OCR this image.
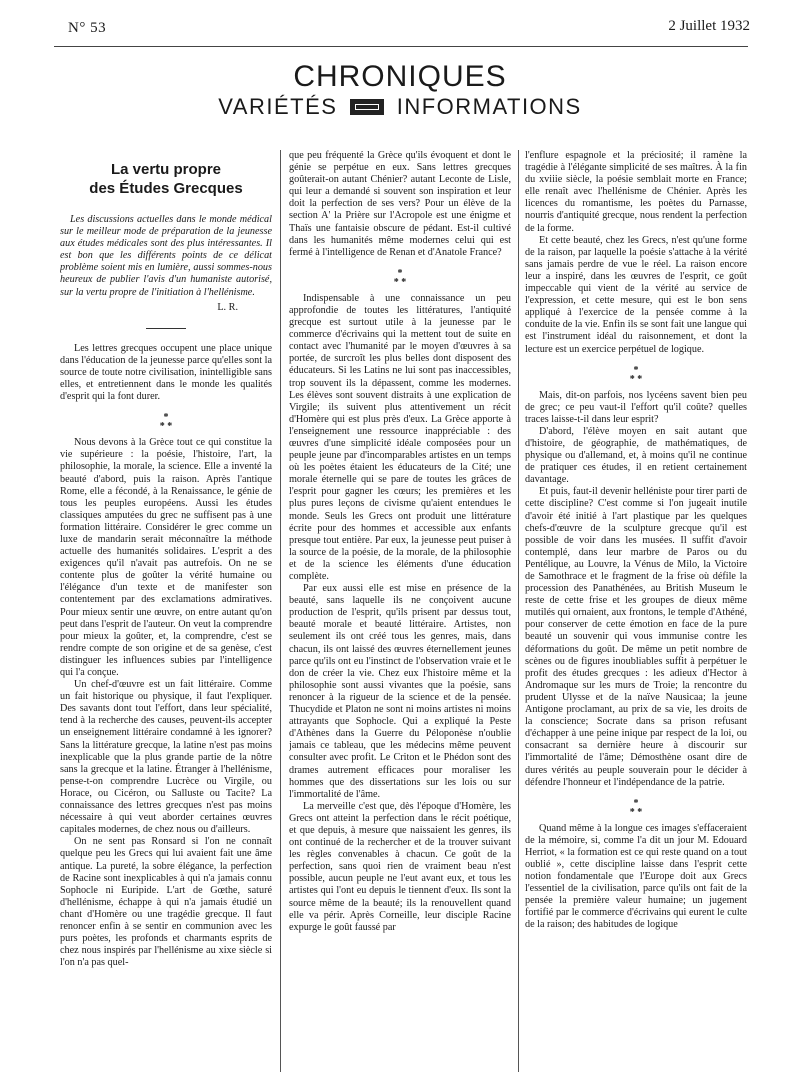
N° 53	2 Juillet 1932
CHRONIQUES
VARIÉTÉS	INFORMATIONS
La vertu propre
des Études Grecques

Les discussions actuelles dans le monde médical sur le meilleur mode de préparation de la jeunesse aux études médicales sont des plus intéressantes. Il est bon que les différents points de ce délicat problème soient mis en lumière, aussi sommes-nous heureux de publier l'avis d'un humaniste autorisé, sur la vertu propre de l'initiation à l'hellénisme.

L. R.

Les lettres grecques occupent une place unique dans l'éducation de la jeunesse parce qu'elles sont la source de toute notre civilisation, inintelligible sans elles, et entretiennent dans le monde les qualités d'esprit qui la font durer.

*
* *

Nous devons à la Grèce tout ce qui constitue la vie supérieure : la poésie, l'histoire, l'art, la philosophie, la morale, la science. Elle a inventé la beauté d'abord, puis la raison. Après l'antique Rome, elle a fécondé, à la Renaissance, le génie de tous les peuples européens. Aussi les études classiques amputées du grec ne suffisent pas à une formation littéraire. Considérer le grec comme un luxe de mandarin serait méconnaître la méthode actuelle des humanités solidaires. L'esprit a des exigences qu'il n'avait pas autrefois. On ne se contente plus de goûter la vérité humaine ou l'élégance d'un texte et de manifester son contentement par des exclamations admiratives. Pour mieux sentir une œuvre, on entre autant qu'on peut dans l'esprit de l'auteur. On veut la comprendre pour mieux la goûter, et, la comprendre, c'est se rendre compte de son origine et de sa genèse, c'est distinguer les influences subies par l'intelligence qui l'a conçue.

Un chef-d'œuvre est un fait littéraire. Comme un fait historique ou physique, il faut l'expliquer. Des savants dont tout l'effort, dans leur spécialité, tend à la recherche des causes, peuvent-ils accepter un enseignement littéraire condamné à les ignorer? Sans la littérature grecque, la latine n'est pas moins inexplicable que la plus grande partie de la nôtre sans la grecque et la latine. Étranger à l'hellénisme, pense-t-on comprendre Lucrèce ou Virgile, ou Horace, ou Cicéron, ou Salluste ou Tacite? La connaissance des lettres grecques n'est pas moins nécessaire à qui veut aborder certaines œuvres capitales modernes, de chez nous ou d'ailleurs.

On ne sent pas Ronsard si l'on ne connaît quelque peu les Grecs qui lui avaient fait une âme antique. La pureté, la sobre élégance, la perfection de Racine sont inexplicables à qui n'a jamais connu Sophocle ni Euripide. L'art de Gœthe, saturé d'hellénisme, échappe à qui n'a jamais étudié un chant d'Homère ou une tragédie grecque. Il faut renoncer enfin à se sentir en communion avec les purs poètes, les profonds et charmants esprits de chez nous inspirés par l'hellénisme au xixe siècle si l'on n'a pas quel-

que peu fréquenté la Grèce qu'ils évoquent et dont le génie se perpétue en eux. Sans lettres grecques goûterait-on autant Chénier? autant Leconte de Lisle, qui leur a demandé si souvent son inspiration et leur doit la perfection de ses vers? Pour un élève de la section A' la Prière sur l'Acropole est une énigme et Thaïs une fantaisie obscure de pédant. Est-il cultivé dans les humanités même modernes celui qui est fermé à l'intelligence de Renan et d'Anatole France?

*
* *

Indispensable à une connaissance un peu approfondie de toutes les littératures, l'antiquité grecque est surtout utile à la jeunesse par le commerce d'écrivains qui la mettent tout de suite en contact avec l'humanité par le moyen d'œuvres à sa portée, de surcroît les plus belles dont disposent des éducateurs. Si les Latins ne lui sont pas inaccessibles, trop souvent ils la dépassent, comme les modernes. Les élèves sont souvent distraits à une explication de Virgile; ils suivent plus attentivement un récit d'Homère qui est plus près d'eux. La Grèce apporte à l'enseignement une ressource inappréciable : des œuvres d'une simplicité idéale composées pour un peuple jeune par d'incomparables artistes en un temps où les poètes étaient les éducateurs de la Cité; une morale éternelle qui se pare de toutes les grâces de l'esprit pour gagner les cœurs; les premières et les plus pures leçons de civisme qu'aient entendues le monde. Seuls les Grecs ont produit une littérature écrite pour des hommes et accessible aux enfants presque tout entière. Par eux, la jeunesse peut puiser à la source de la poésie, de la morale, de la philosophie et de la science les éléments d'une éducation complète.

Par eux aussi elle est mise en présence de la beauté, sans laquelle ils ne conçoivent aucune production de l'esprit, qu'ils prisent par dessus tout, beauté morale et beauté littéraire. Artistes, non seulement ils ont créé tous les genres, mais, dans chacun, ils ont laissé des œuvres éternellement jeunes parce qu'ils ont eu l'instinct de l'observation vraie et le don de créer la vie. Chez eux l'histoire même et la philosophie sont aussi vivantes que la poésie, sans renoncer à la rigueur de la science et de la pensée. Thucydide et Platon ne sont ni moins artistes ni moins attrayants que Sophocle. Qui a expliqué la Peste d'Athènes dans la Guerre du Péloponèse n'oublie jamais ce tableau, que les médecins même peuvent consulter avec profit. Le Criton et le Phédon sont des drames autrement efficaces pour moraliser les hommes que des dissertations sur les lois ou sur l'immortalité de l'âme.

La merveille c'est que, dès l'époque d'Homère, les Grecs ont atteint la perfection dans le récit poétique, et que depuis, à mesure que naissaient les genres, ils ont continué de la rechercher et de la trouver suivant les règles convenables à chacun. Ce goût de la perfection, sans quoi rien de vraiment beau n'est possible, aucun peuple ne l'eut avant eux, et tous les artistes qui l'ont eu depuis le tiennent d'eux. Ils sont la source même de la beauté; ils la renouvellent quand elle va périr. Après Corneille, leur disciple Racine expurge le goût faussé par

l'enflure espagnole et la préciosité; il ramène la tragédie à l'élégante simplicité de ses maîtres. À la fin du xviiie siècle, la poésie semblait morte en France; elle renaît avec l'hellénisme de Chénier. Après les licences du romantisme, les poètes du Parnasse, nourris d'antiquité grecque, nous rendent la perfection de la forme.

Et cette beauté, chez les Grecs, n'est qu'une forme de la raison, par laquelle la poésie s'attache à la vérité sans jamais perdre de vue le réel. La raison encore leur a inspiré, dans les œuvres de l'esprit, ce goût impeccable qui vient de la vérité au service de l'expression, et cette mesure, qui est le bon sens appliqué à l'exercice de la pensée comme à la conduite de la vie. Enfin ils se sont fait une langue qui est l'instrument idéal du raisonnement, et dont la lecture est un exercice perpétuel de logique.

*
* *

Mais, dit-on parfois, nos lycéens savent bien peu de grec; ce peu vaut-il l'effort qu'il coûte? quelles traces laisse-t-il dans leur esprit?

D'abord, l'élève moyen en sait autant que d'histoire, de géographie, de mathématiques, de physique ou d'allemand, et, à moins qu'il ne continue de pratiquer ces études, il en retient certainement davantage.

Et puis, faut-il devenir helléniste pour tirer parti de cette discipline? C'est comme si l'on jugeait inutile d'avoir été initié à l'art plastique par les quelques chefs-d'œuvre de la sculpture grecque qu'il est possible de voir dans les musées. Il suffit d'avoir contemplé, dans leur marbre de Paros ou du Pentélique, au Louvre, la Vénus de Milo, la Victoire de Samothrace et le fragment de la frise où défile la procession des Panathénées, au British Museum le reste de cette frise et les groupes de dieux même mutilés qui ornaient, aux frontons, le temple d'Athéné, pour conserver de cette émotion en face de la pure beauté un souvenir qui vous immunise contre les déformations du goût. De même un petit nombre de scènes ou de figures inoubliables suffit à perpétuer le profit des études grecques : les adieux d'Hector à Andromaque sur les murs de Troie; la rencontre du prudent Ulysse et de la naïve Nausicaa; la jeune Antigone proclamant, au prix de sa vie, les droits de la conscience; Socrate dans sa prison refusant d'échapper à une peine inique par respect de la loi, ou consacrant sa dernière heure à discourir sur l'immortalité de l'âme; Démosthène osant dire de dures vérités au peuple souverain pour le décider à défendre l'honneur et l'indépendance de la patrie.

*
* *

Quand même à la longue ces images s'effaceraient de la mémoire, si, comme l'a dit un jour M. Edouard Herriot, « la formation est ce qui reste quand on a tout oublié », cette discipline laisse dans l'esprit cette notion fondamentale que l'Europe doit aux Grecs l'essentiel de la civilisation, parce qu'ils ont fait de la pensée la première valeur humaine; un jugement fortifié par le commerce d'écrivains qui eurent le culte de la raison; des habitudes de logique
